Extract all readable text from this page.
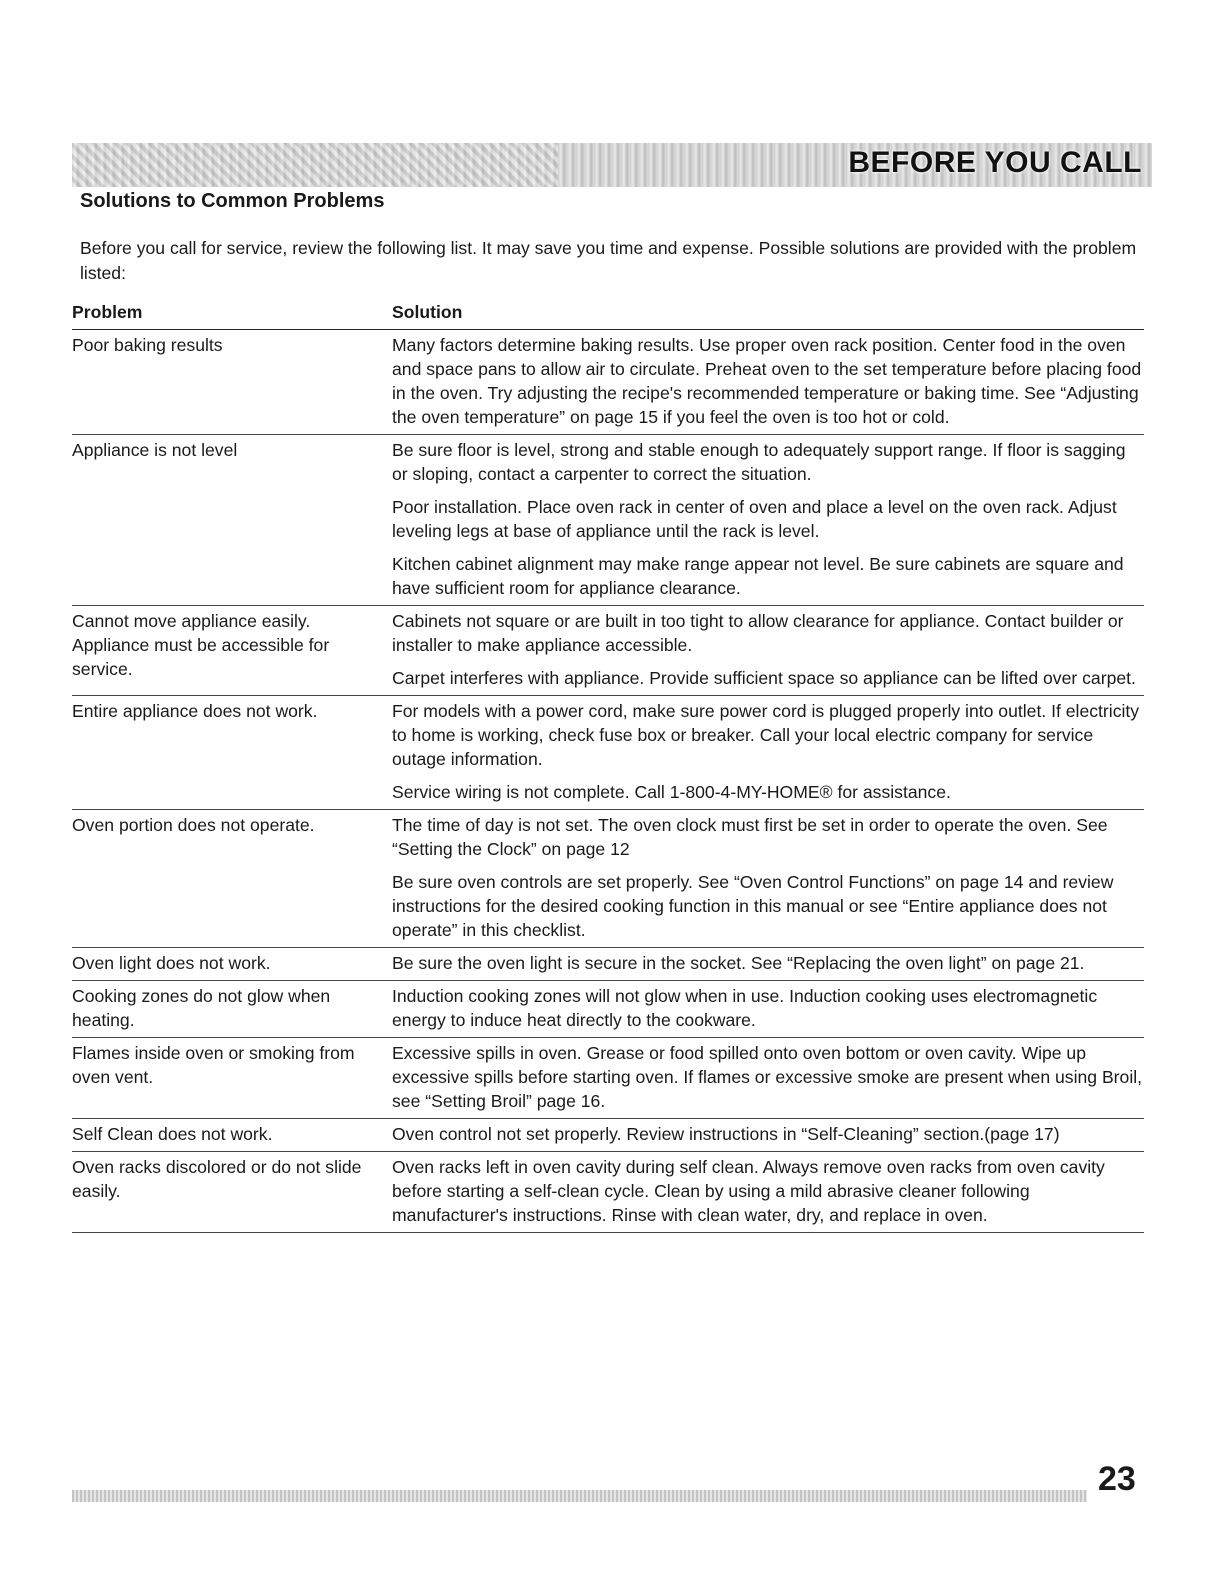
BEFORE YOU CALL
Solutions to Common Problems

Before you call for service, review the following list. It may save you time and expense. Possible solutions are provided with the problem listed:

Problem	Solution
Poor baking results	Many factors determine baking results. Use proper oven rack position. Center food in the oven and space pans to allow air to circulate. Preheat oven to the set temperature before placing food in the oven. Try adjusting the recipe's recommended temperature or baking time. See “Adjusting the oven temperature” on page 15 if you feel the oven is too hot or cold.

Appliance is not level	Be sure floor is level, strong and stable enough to adequately support range. If floor is sagging or sloping, contact a carpenter to correct the situation.

Poor installation. Place oven rack in center of oven and place a level on the oven rack. Adjust leveling legs at base of appliance until the rack is level.

Kitchen cabinet alignment may make range appear not level. Be sure cabinets are square and have sufficient room for appliance clearance.

Cannot move appliance easily. Appliance must be accessible for service.	Cabinets not square or are built in too tight to allow clearance for appliance. Contact builder or installer to make appliance accessible.

Carpet interferes with appliance. Provide sufficient space so appliance can be lifted over carpet.

Entire appliance does not work.	For models with a power cord, make sure power cord is plugged properly into outlet. If electricity to home is working, check fuse box or breaker. Call your local electric company for service outage information.

Service wiring is not complete. Call 1-800-4-MY-HOME® for assistance.

Oven portion does not operate.	The time of day is not set. The oven clock must first be set in order to operate the oven. See “Setting the Clock” on page 12

Be sure oven controls are set properly. See “Oven Control Functions” on page 14 and review instructions for the desired cooking function in this manual or see “Entire appliance does not operate” in this checklist.

Oven light does not work.	Be sure the oven light is secure in the socket. See “Replacing the oven light” on page 21.

Cooking zones do not glow when heating.	Induction cooking zones will not glow when in use. Induction cooking uses electromagnetic energy to induce heat directly to the cookware.

Flames inside oven or smoking from oven vent.	Excessive spills in oven. Grease or food spilled onto oven bottom or oven cavity. Wipe up excessive spills before starting oven. If flames or excessive smoke are present when using Broil, see “Setting Broil” page 16.

Self Clean does not work.	Oven control not set properly. Review instructions in “Self-Cleaning” section.(page 17)

Oven racks discolored or do not slide easily.	Oven racks left in oven cavity during self clean. Always remove oven racks from oven cavity before starting a self-clean cycle. Clean by using a mild abrasive cleaner following manufacturer's instructions. Rinse with clean water, dry, and replace in oven.

23
